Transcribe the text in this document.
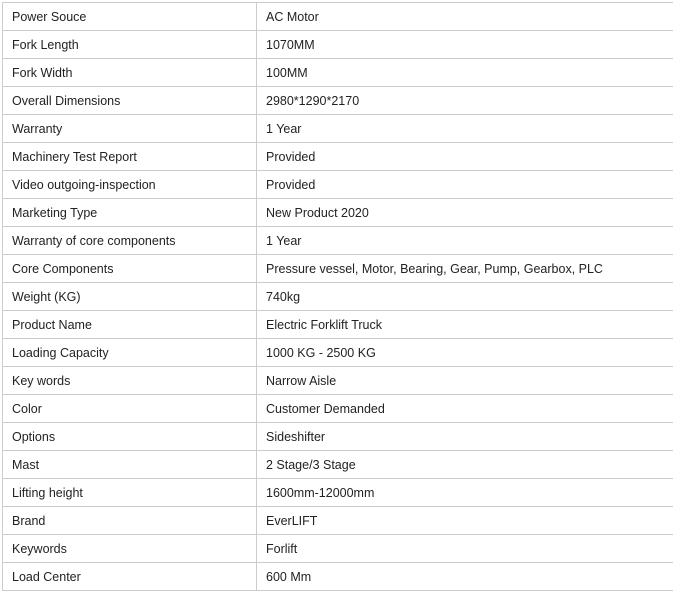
Power Souce	AC Motor
Fork Length	1070MM
Fork Width	100MM
Overall Dimensions	2980*1290*2170
Warranty	1 Year
Machinery Test Report	Provided
Video outgoing-inspection	Provided
Marketing Type	New Product 2020
Warranty of core components	1 Year
Core Components	Pressure vessel, Motor, Bearing, Gear, Pump, Gearbox, PLC
Weight (KG)	740kg
Product Name	Electric Forklift Truck
Loading Capacity	1000 KG - 2500 KG
Key words	Narrow Aisle
Color	Customer Demanded
Options	Sideshifter
Mast	2 Stage/3 Stage
Lifting height	1600mm-12000mm
Brand	EverLIFT
Keywords	Forlift
Load Center	600 Mm
